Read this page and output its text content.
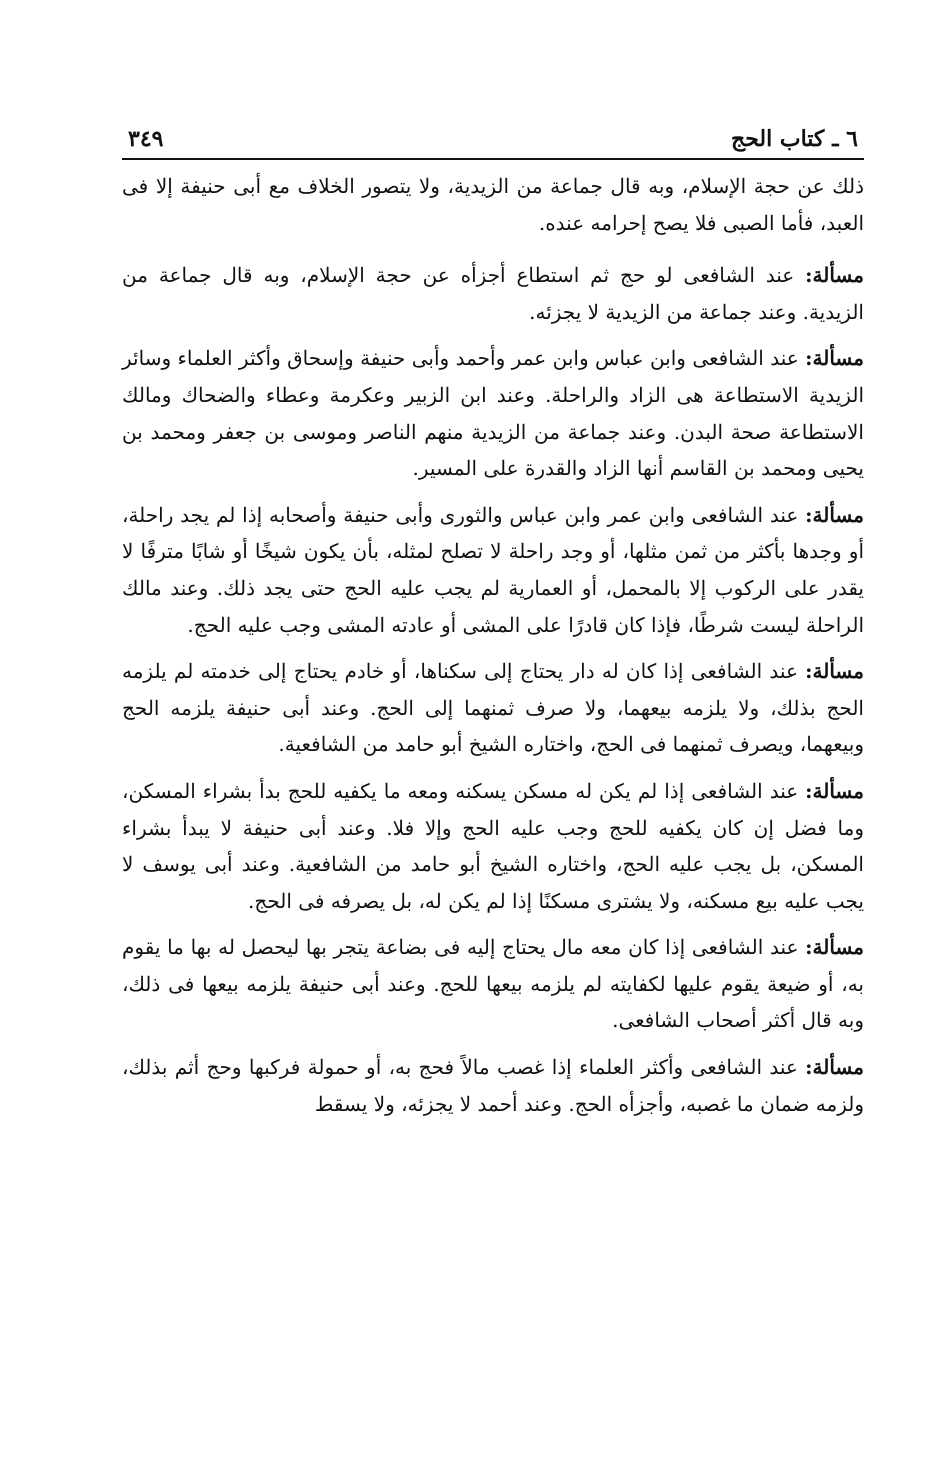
٦ ـ كتاب الحج
٣٤٩

ذلك عن حجة الإسلام، وبه قال جماعة من الزيدية، ولا يتصور الخلاف مع أبى حنيفة إلا فى العبد، فأما الصبى فلا يصح إحرامه عنده.

مسألة: عند الشافعى لو حج ثم استطاع أجزأه عن حجة الإسلام، وبه قال جماعة من الزيدية. وعند جماعة من الزيدية لا يجزئه.

مسألة: عند الشافعى وابن عباس وابن عمر وأحمد وأبى حنيفة وإسحاق وأكثر العلماء وسائر الزيدية الاستطاعة هى الزاد والراحلة. وعند ابن الزبير وعكرمة وعطاء والضحاك ومالك الاستطاعة صحة البدن. وعند جماعة من الزيدية منهم الناصر وموسى بن جعفر ومحمد بن يحيى ومحمد بن القاسم أنها الزاد والقدرة على المسير.

مسألة: عند الشافعى وابن عمر وابن عباس والثورى وأبى حنيفة وأصحابه إذا لم يجد راحلة، أو وجدها بأكثر من ثمن مثلها، أو وجد راحلة لا تصلح لمثله، بأن يكون شيخًا أو شابًا مترفًا لا يقدر على الركوب إلا بالمحمل، أو العمارية لم يجب عليه الحج حتى يجد ذلك. وعند مالك الراحلة ليست شرطًا، فإذا كان قادرًا على المشى أو عادته المشى وجب عليه الحج.

مسألة: عند الشافعى إذا كان له دار يحتاج إلى سكناها، أو خادم يحتاج إلى خدمته لم يلزمه الحج بذلك، ولا يلزمه بيعهما، ولا صرف ثمنهما إلى الحج. وعند أبى حنيفة يلزمه الحج وبيعهما، ويصرف ثمنهما فى الحج، واختاره الشيخ أبو حامد من الشافعية.

مسألة: عند الشافعى إذا لم يكن له مسكن يسكنه ومعه ما يكفيه للحج بدأ بشراء المسكن، وما فضل إن كان يكفيه للحج وجب عليه الحج وإلا فلا. وعند أبى حنيفة لا يبدأ بشراء المسكن، بل يجب عليه الحج، واختاره الشيخ أبو حامد من الشافعية. وعند أبى يوسف لا يجب عليه بيع مسكنه، ولا يشترى مسكنًا إذا لم يكن له، بل يصرفه فى الحج.

مسألة: عند الشافعى إذا كان معه مال يحتاج إليه فى بضاعة يتجر بها ليحصل له بها ما يقوم به، أو ضيعة يقوم عليها لكفايته لم يلزمه بيعها للحج. وعند أبى حنيفة يلزمه بيعها فى ذلك، وبه قال أكثر أصحاب الشافعى.

مسألة: عند الشافعى وأكثر العلماء إذا غصب مالاً فحج به، أو حمولة فركبها وحج أثم بذلك، ولزمه ضمان ما غصبه، وأجزأه الحج. وعند أحمد لا يجزئه، ولا يسقط
